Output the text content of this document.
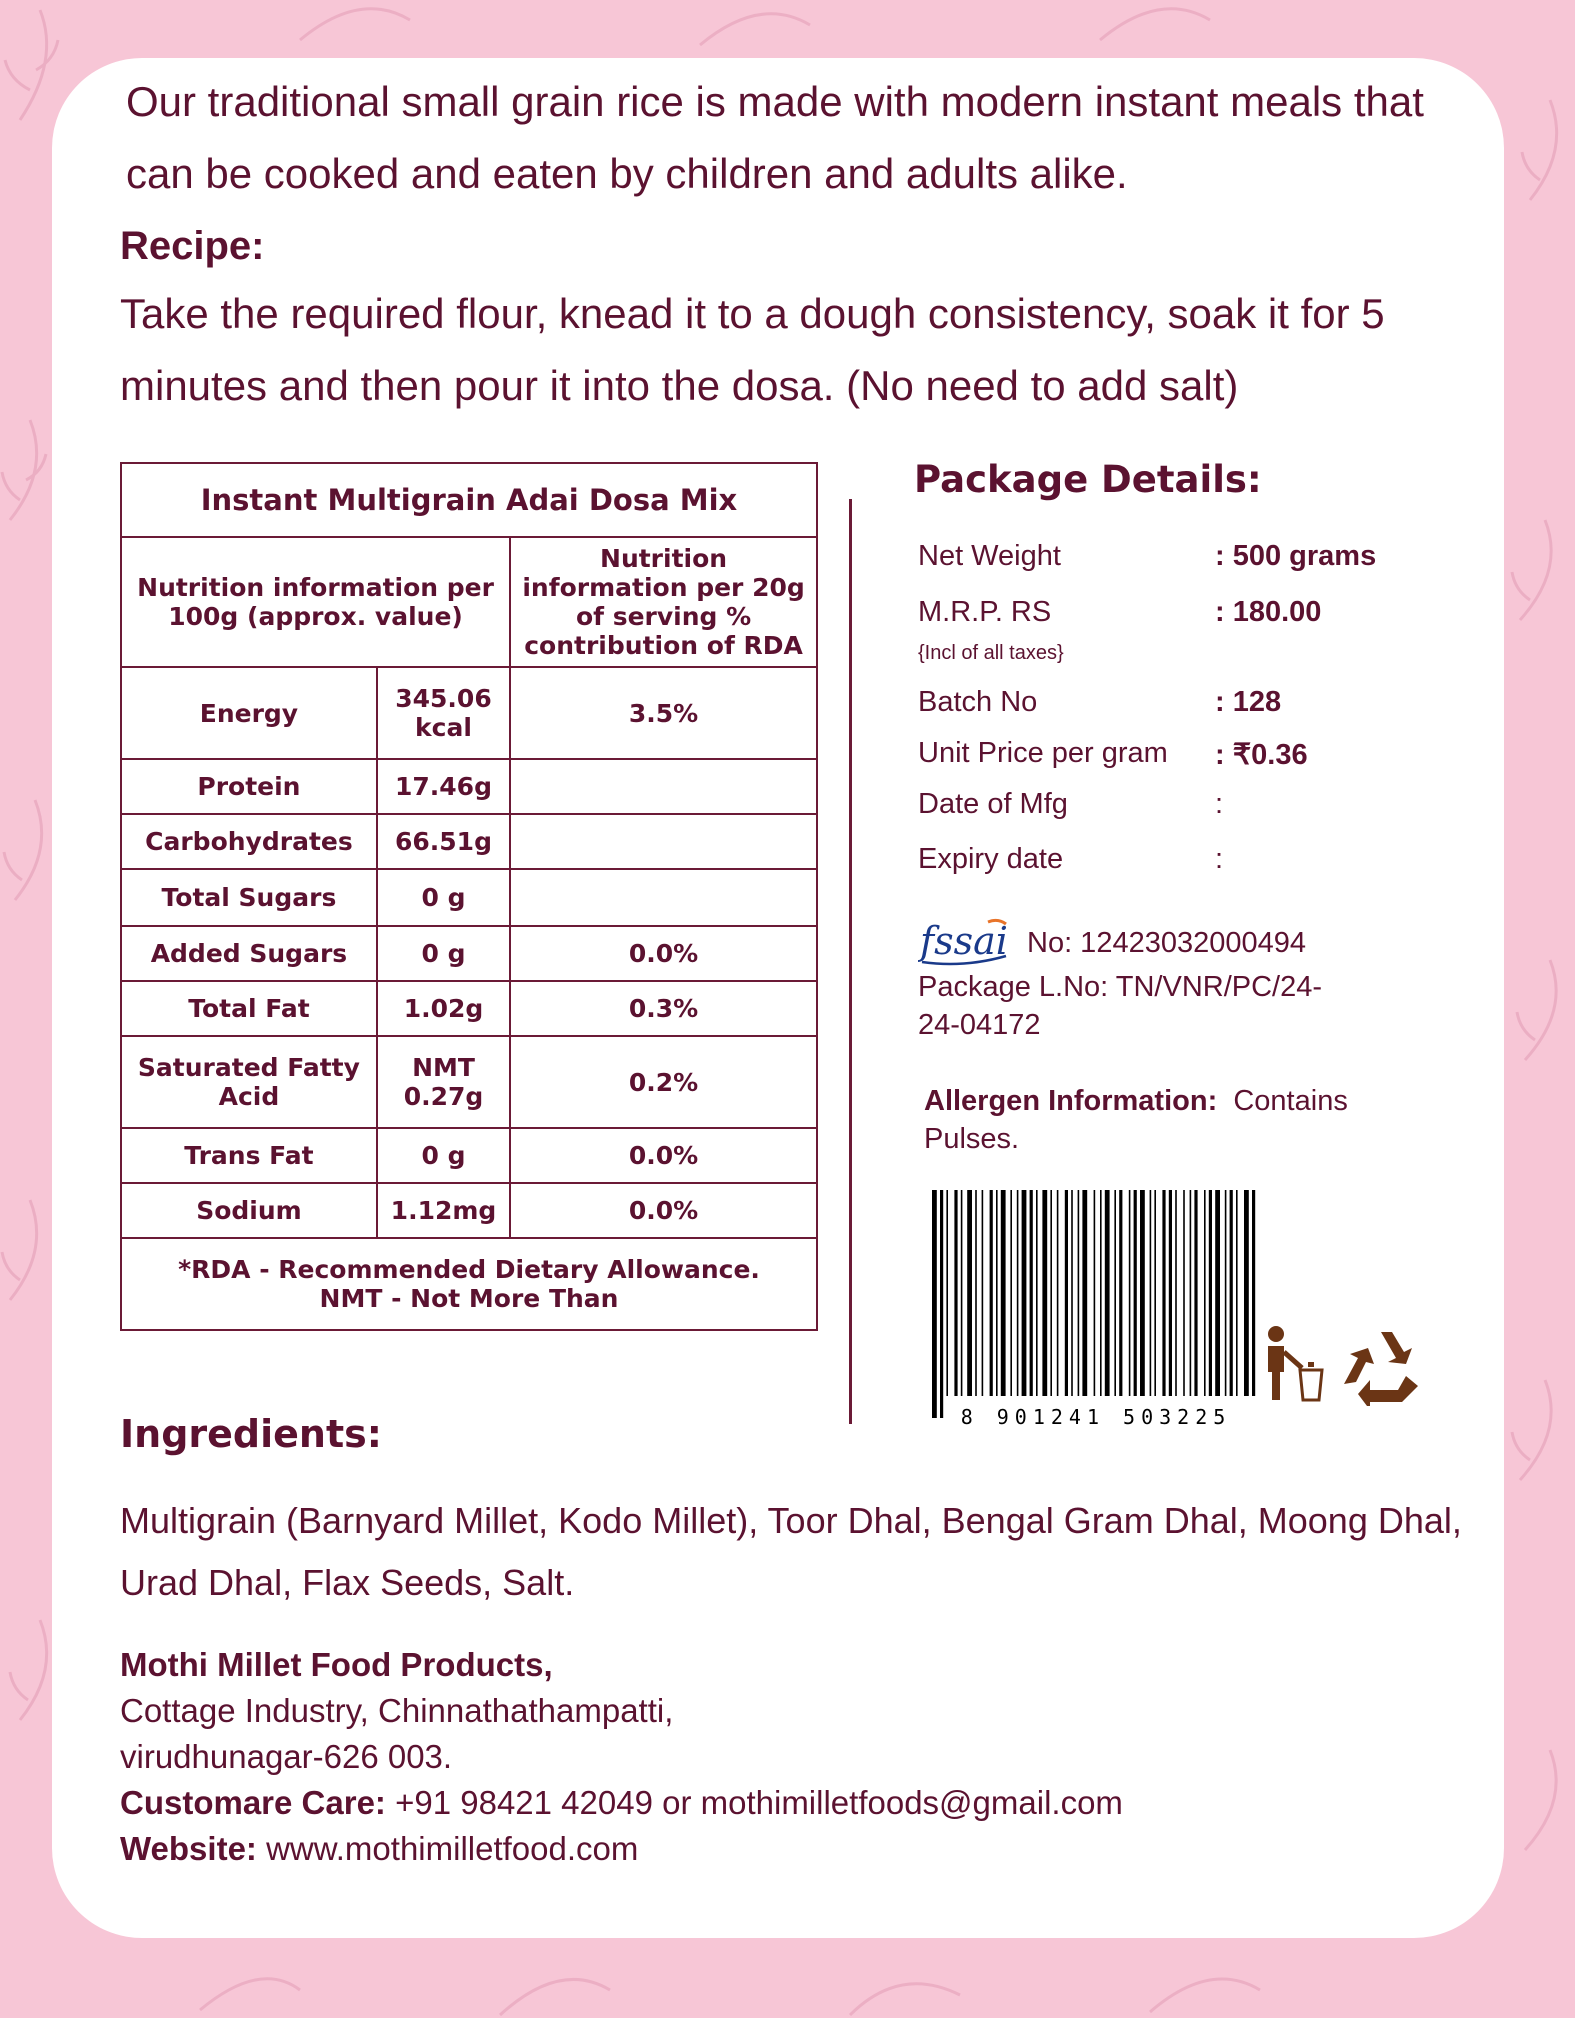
Our traditional small grain rice is made with modern instant meals that can be cooked and eaten by children and adults alike.

Recipe:

Take the required flour, knead it to a dough consistency, soak it for 5 minutes and then pour it into the dosa. (No need to add salt)

Instant Multigrain Adai Dosa Mix		
Nutrition information per 100g (approx. value)		Nutrition information per 20g of serving % contribution of RDA
Energy	345.06 kcal	3.5%
Protein	17.46g	
Carbohydrates	66.51g	
Total Sugars	0 g	
Added Sugars	0 g	0.0%
Total Fat	1.02g	0.3%
Saturated Fatty Acid	NMT 0.27g	0.2%
Trans Fat	0 g	0.0%
Sodium	1.12mg	0.0%
*RDA - Recommended Dietary Allowance. NMT - Not More Than		

Package Details:

Net Weight	: 500 grams
M.R.P. RS	: 180.00
{Incl of all taxes}
Batch No	: 128
Unit Price per gram : ₹0.36
Date of Mfg	:
Expiry date	:
fssai No: 12423032000494

Package L.No: TN/VNR/PC/24-24-04172

Allergen Information: Contains Pulses.

8 901241 503225

Ingredients:

Multigrain (Barnyard Millet, Kodo Millet), Toor Dhal, Bengal Gram Dhal, Moong Dhal, Urad Dhal, Flax Seeds, Salt.

Mothi Millet Food Products,
Cottage Industry, Chinnathathampatti,
virudhunagar-626 003.
Customare Care: +91 98421 42049 or mothimilletfoods@gmail.com
Website: www.mothimilletfood.com
